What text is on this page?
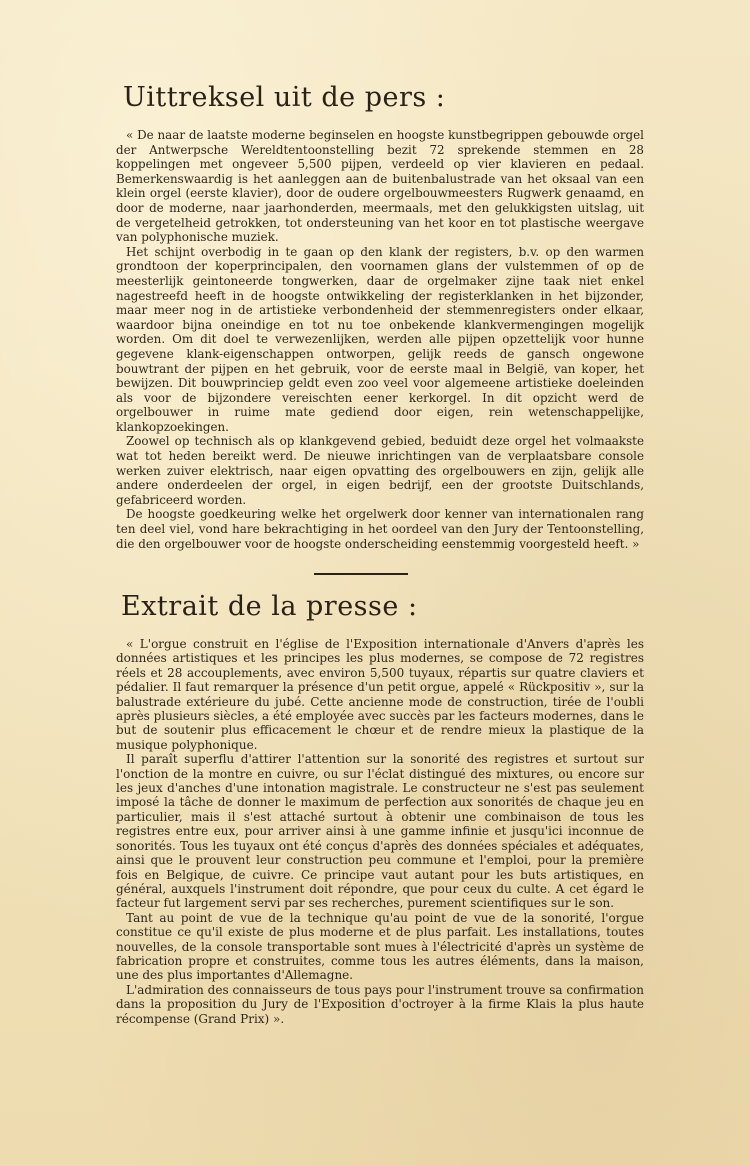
Uittreksel uit de pers :

« De naar de laatste moderne beginselen en hoogste kunstbegrippen gebouwde orgel der Antwerpsche Wereldtentoonstelling bezit 72 sprekende stemmen en 28 koppelingen met ongeveer 5,500 pijpen, verdeeld op vier klavieren en pedaal. Bemerkenswaardig is het aanleggen aan de buitenbalustrade van het oksaal van een klein orgel (eerste klavier), door de oudere orgelbouwmeesters Rugwerk genaamd, en door de moderne, naar jaarhonderden, meermaals, met den gelukkigsten uitslag, uit de vergetelheid getrokken, tot ondersteuning van het koor en tot plastische weergave van polyphonische muziek.

Het schijnt overbodig in te gaan op den klank der registers, b.v. op den warmen grondtoon der koperprincipalen, den voornamen glans der vulstemmen of op de meesterlijk geintoneerde tongwerken, daar de orgelmaker zijne taak niet enkel nagestreefd heeft in de hoogste ontwikkeling der registerklanken in het bijzonder, maar meer nog in de artistieke verbondenheid der stemmenregisters onder elkaar, waardoor bijna oneindige en tot nu toe onbekende klankvermengingen mogelijk worden. Om dit doel te verwezenlijken, werden alle pijpen opzettelijk voor hunne gegevene klank-eigenschappen ontworpen, gelijk reeds de gansch ongewone bouwtrant der pijpen en het gebruik, voor de eerste maal in België, van koper, het bewijzen. Dit bouwprinciep geldt even zoo veel voor algemeene artistieke doeleinden als voor de bijzondere vereischten eener kerkorgel. In dit opzicht werd de orgelbouwer in ruime mate gediend door eigen, rein wetenschappelijke, klankopzoekingen.

Zoowel op technisch als op klankgevend gebied, beduidt deze orgel het volmaakste wat tot heden bereikt werd. De nieuwe inrichtingen van de verplaatsbare console werken zuiver elektrisch, naar eigen opvatting des orgelbouwers en zijn, gelijk alle andere onderdeelen der orgel, in eigen bedrijf, een der grootste Duitschlands, gefabriceerd worden.

De hoogste goedkeuring welke het orgelwerk door kenner van internationalen rang ten deel viel, vond hare bekrachtiging in het oordeel van den Jury der Tentoonstelling, die den orgelbouwer voor de hoogste onderscheiding eenstemmig voorgesteld heeft. »

Extrait de la presse :

« L'orgue construit en l'église de l'Exposition internationale d'Anvers d'après les données artistiques et les principes les plus modernes, se compose de 72 registres réels et 28 accouplements, avec environ 5,500 tuyaux, répartis sur quatre claviers et pédalier. Il faut remarquer la présence d'un petit orgue, appelé « Rückpositiv », sur la balustrade extérieure du jubé. Cette ancienne mode de construction, tirée de l'oubli après plusieurs siècles, a été employée avec succès par les facteurs modernes, dans le but de soutenir plus efficacement le chœur et de rendre mieux la plastique de la musique polyphonique.

Il paraît superflu d'attirer l'attention sur la sonorité des registres et surtout sur l'onction de la montre en cuivre, ou sur l'éclat distingué des mixtures, ou encore sur les jeux d'anches d'une intonation magistrale. Le constructeur ne s'est pas seulement imposé la tâche de donner le maximum de perfection aux sonorités de chaque jeu en particulier, mais il s'est attaché surtout à obtenir une combinaison de tous les registres entre eux, pour arriver ainsi à une gamme infinie et jusqu'ici inconnue de sonorités. Tous les tuyaux ont été conçus d'après des données spéciales et adéquates, ainsi que le prouvent leur construction peu commune et l'emploi, pour la première fois en Belgique, de cuivre. Ce principe vaut autant pour les buts artistiques, en général, auxquels l'instrument doit répondre, que pour ceux du culte. A cet égard le facteur fut largement servi par ses recherches, purement scientifiques sur le son.

Tant au point de vue de la technique qu'au point de vue de la sonorité, l'orgue constitue ce qu'il existe de plus moderne et de plus parfait. Les installations, toutes nouvelles, de la console transportable sont mues à l'électricité d'après un système de fabrication propre et construites, comme tous les autres éléments, dans la maison, une des plus importantes d'Allemagne.

L'admiration des connaisseurs de tous pays pour l'instrument trouve sa confirmation dans la proposition du Jury de l'Exposition d'octroyer à la firme Klais la plus haute récompense (Grand Prix) ».
